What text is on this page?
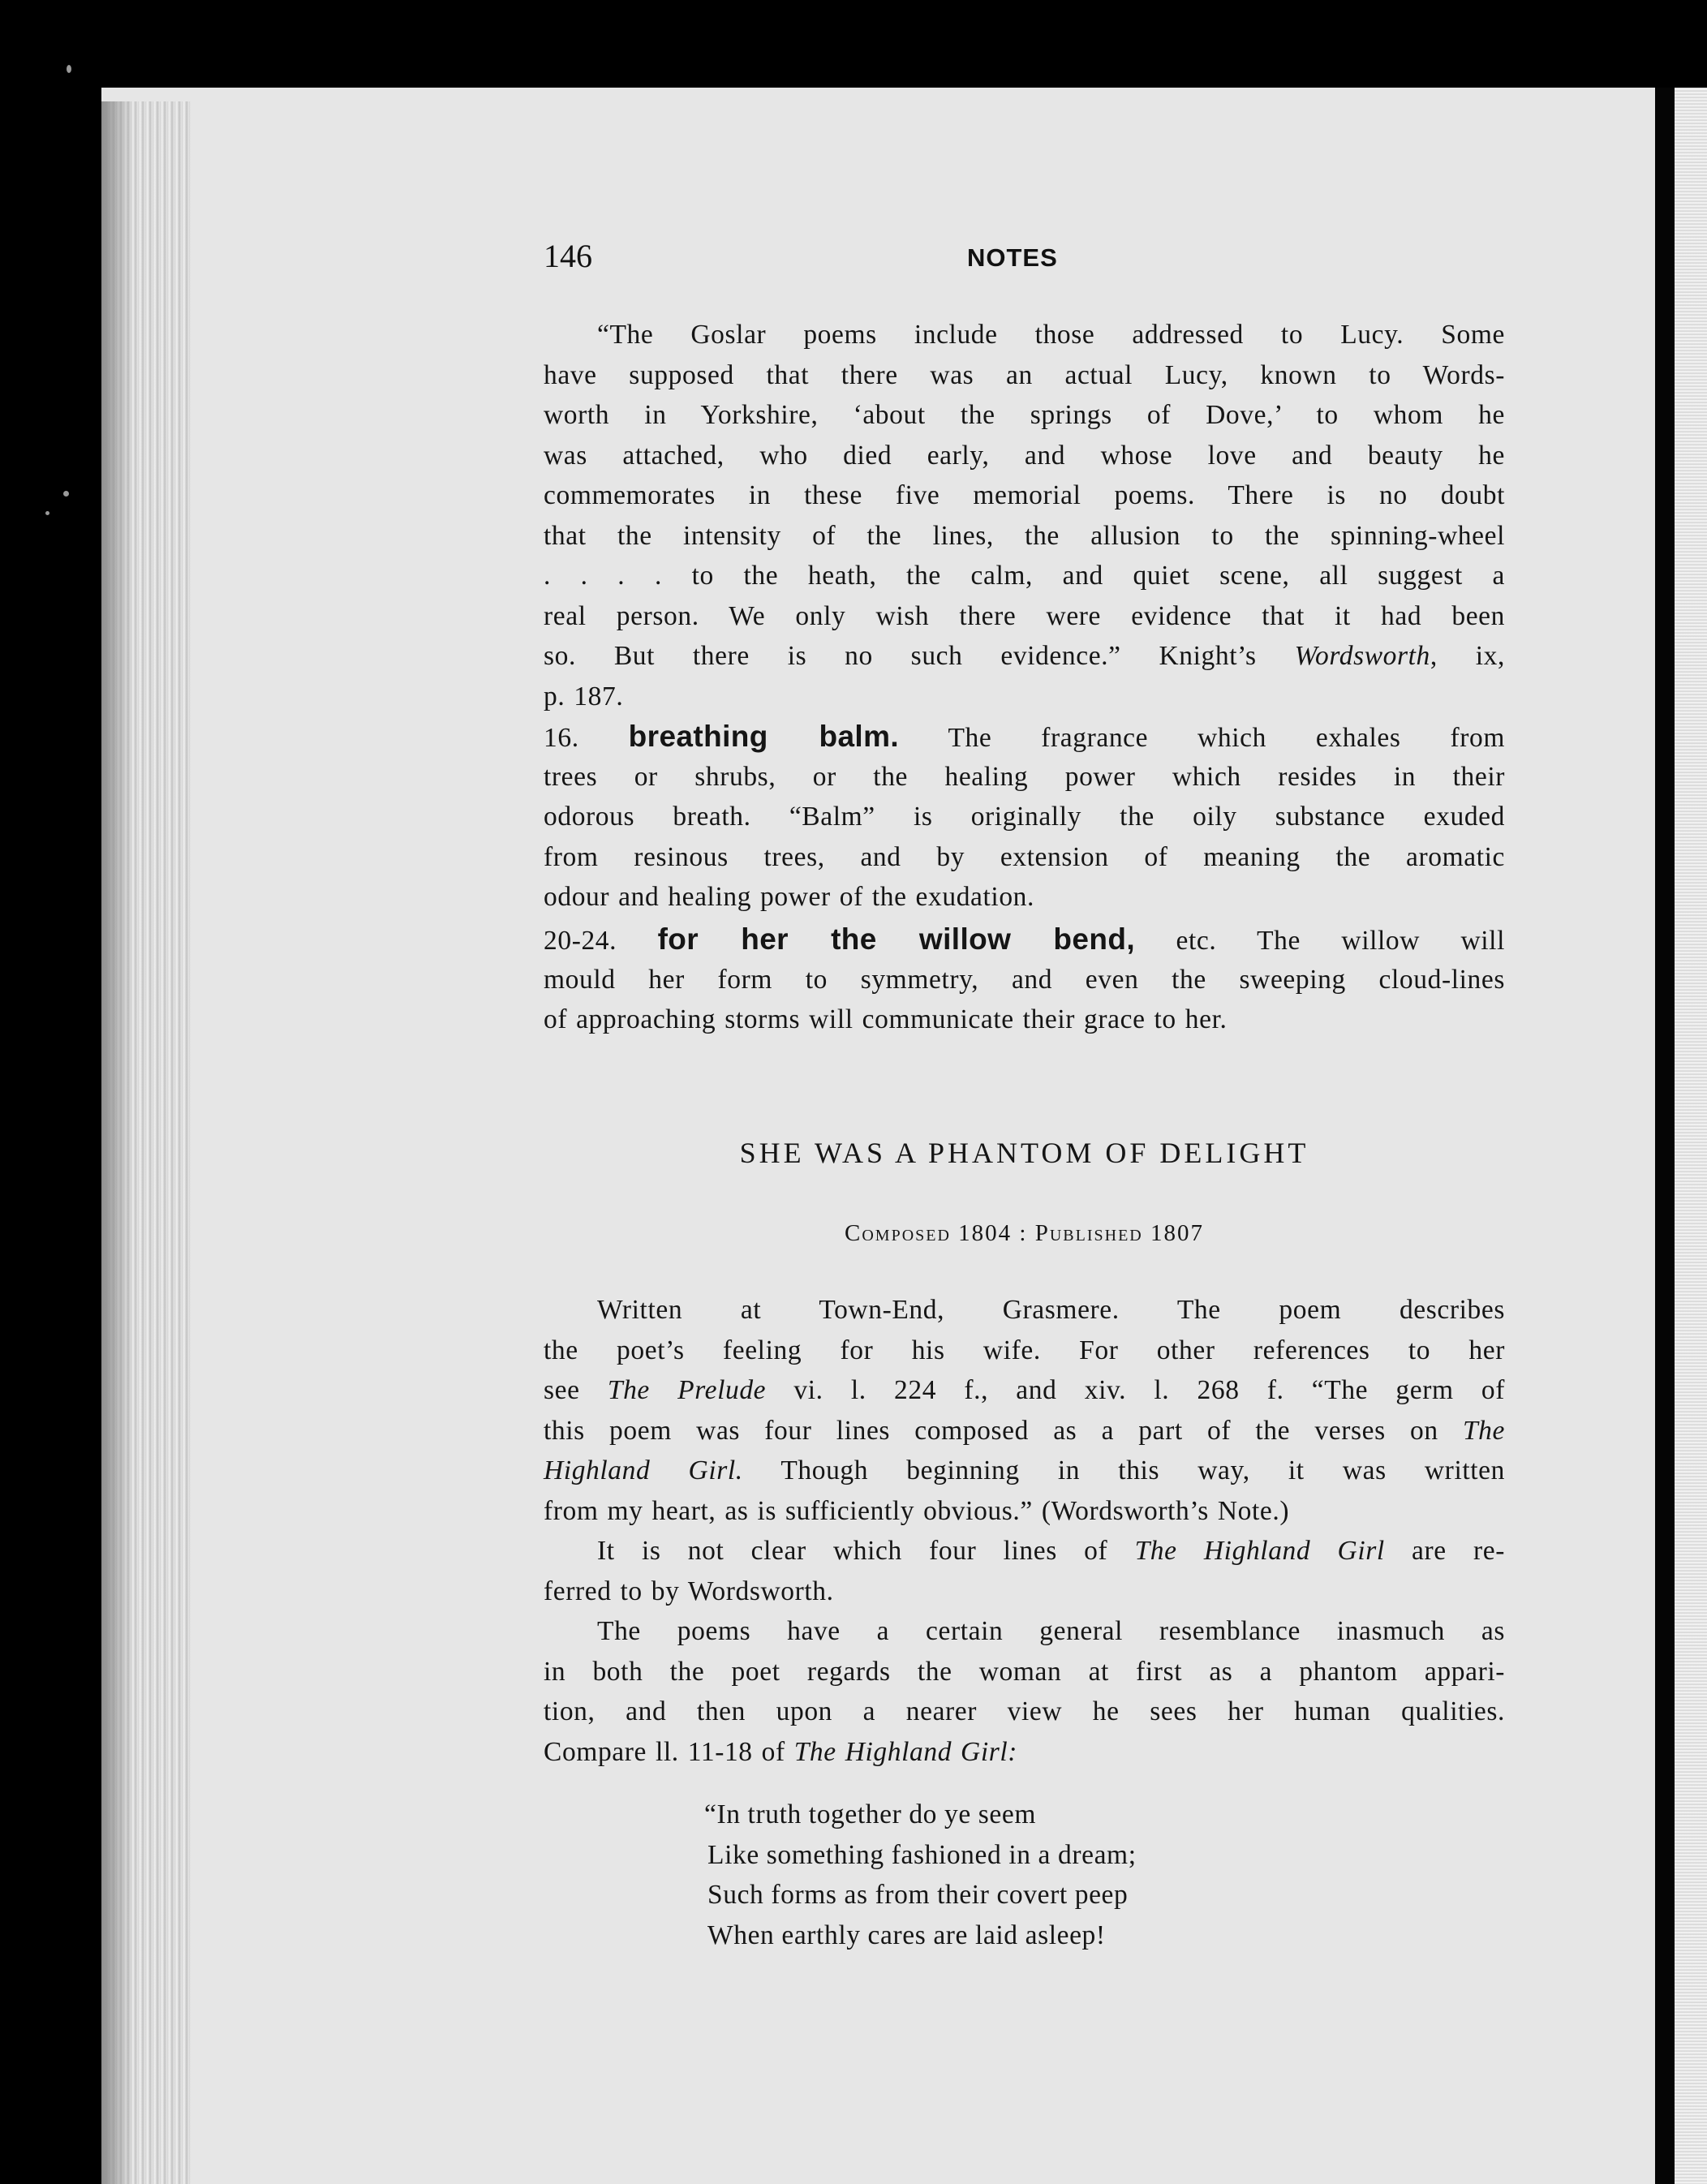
146	NOTES
“The Goslar poems include those addressed to Lucy. Some
have supposed that there was an actual Lucy, known to Words-
worth in Yorkshire, ‘about the springs of Dove,’ to whom he
was attached, who died early, and whose love and beauty he
commemorates in these five memorial poems. There is no doubt
that the intensity of the lines, the allusion to the spinning-wheel
. . . . to the heath, the calm, and quiet scene, all suggest a
real person. We only wish there were evidence that it had been
so. But there is no such evidence.” Knight’s Wordsworth, ix,
p. 187.
16. breathing balm. The fragrance which exhales from
trees or shrubs, or the healing power which resides in their
odorous breath. “Balm” is originally the oily substance exuded
from resinous trees, and by extension of meaning the aromatic
odour and healing power of the exudation.
20-24. for her the willow bend, etc. The willow will
mould her form to symmetry, and even the sweeping cloud-lines
of approaching storms will communicate their grace to her.
SHE WAS A PHANTOM OF DELIGHT
Composed 1804 : Published 1807
Written at Town-End, Grasmere. The poem describes
the poet’s feeling for his wife. For other references to her
see The Prelude vi. l. 224 f., and xiv. l. 268 f. “The germ of
this poem was four lines composed as a part of the verses on The
Highland Girl. Though beginning in this way, it was written
from my heart, as is sufficiently obvious.” (Wordsworth’s Note.)
It is not clear which four lines of The Highland Girl are re-
ferred to by Wordsworth.
The poems have a certain general resemblance inasmuch as
in both the poet regards the woman at first as a phantom appari-
tion, and then upon a nearer view he sees her human qualities.
Compare ll. 11-18 of The Highland Girl:
“In truth together do ye seem
Like something fashioned in a dream;
Such forms as from their covert peep
When earthly cares are laid asleep!
